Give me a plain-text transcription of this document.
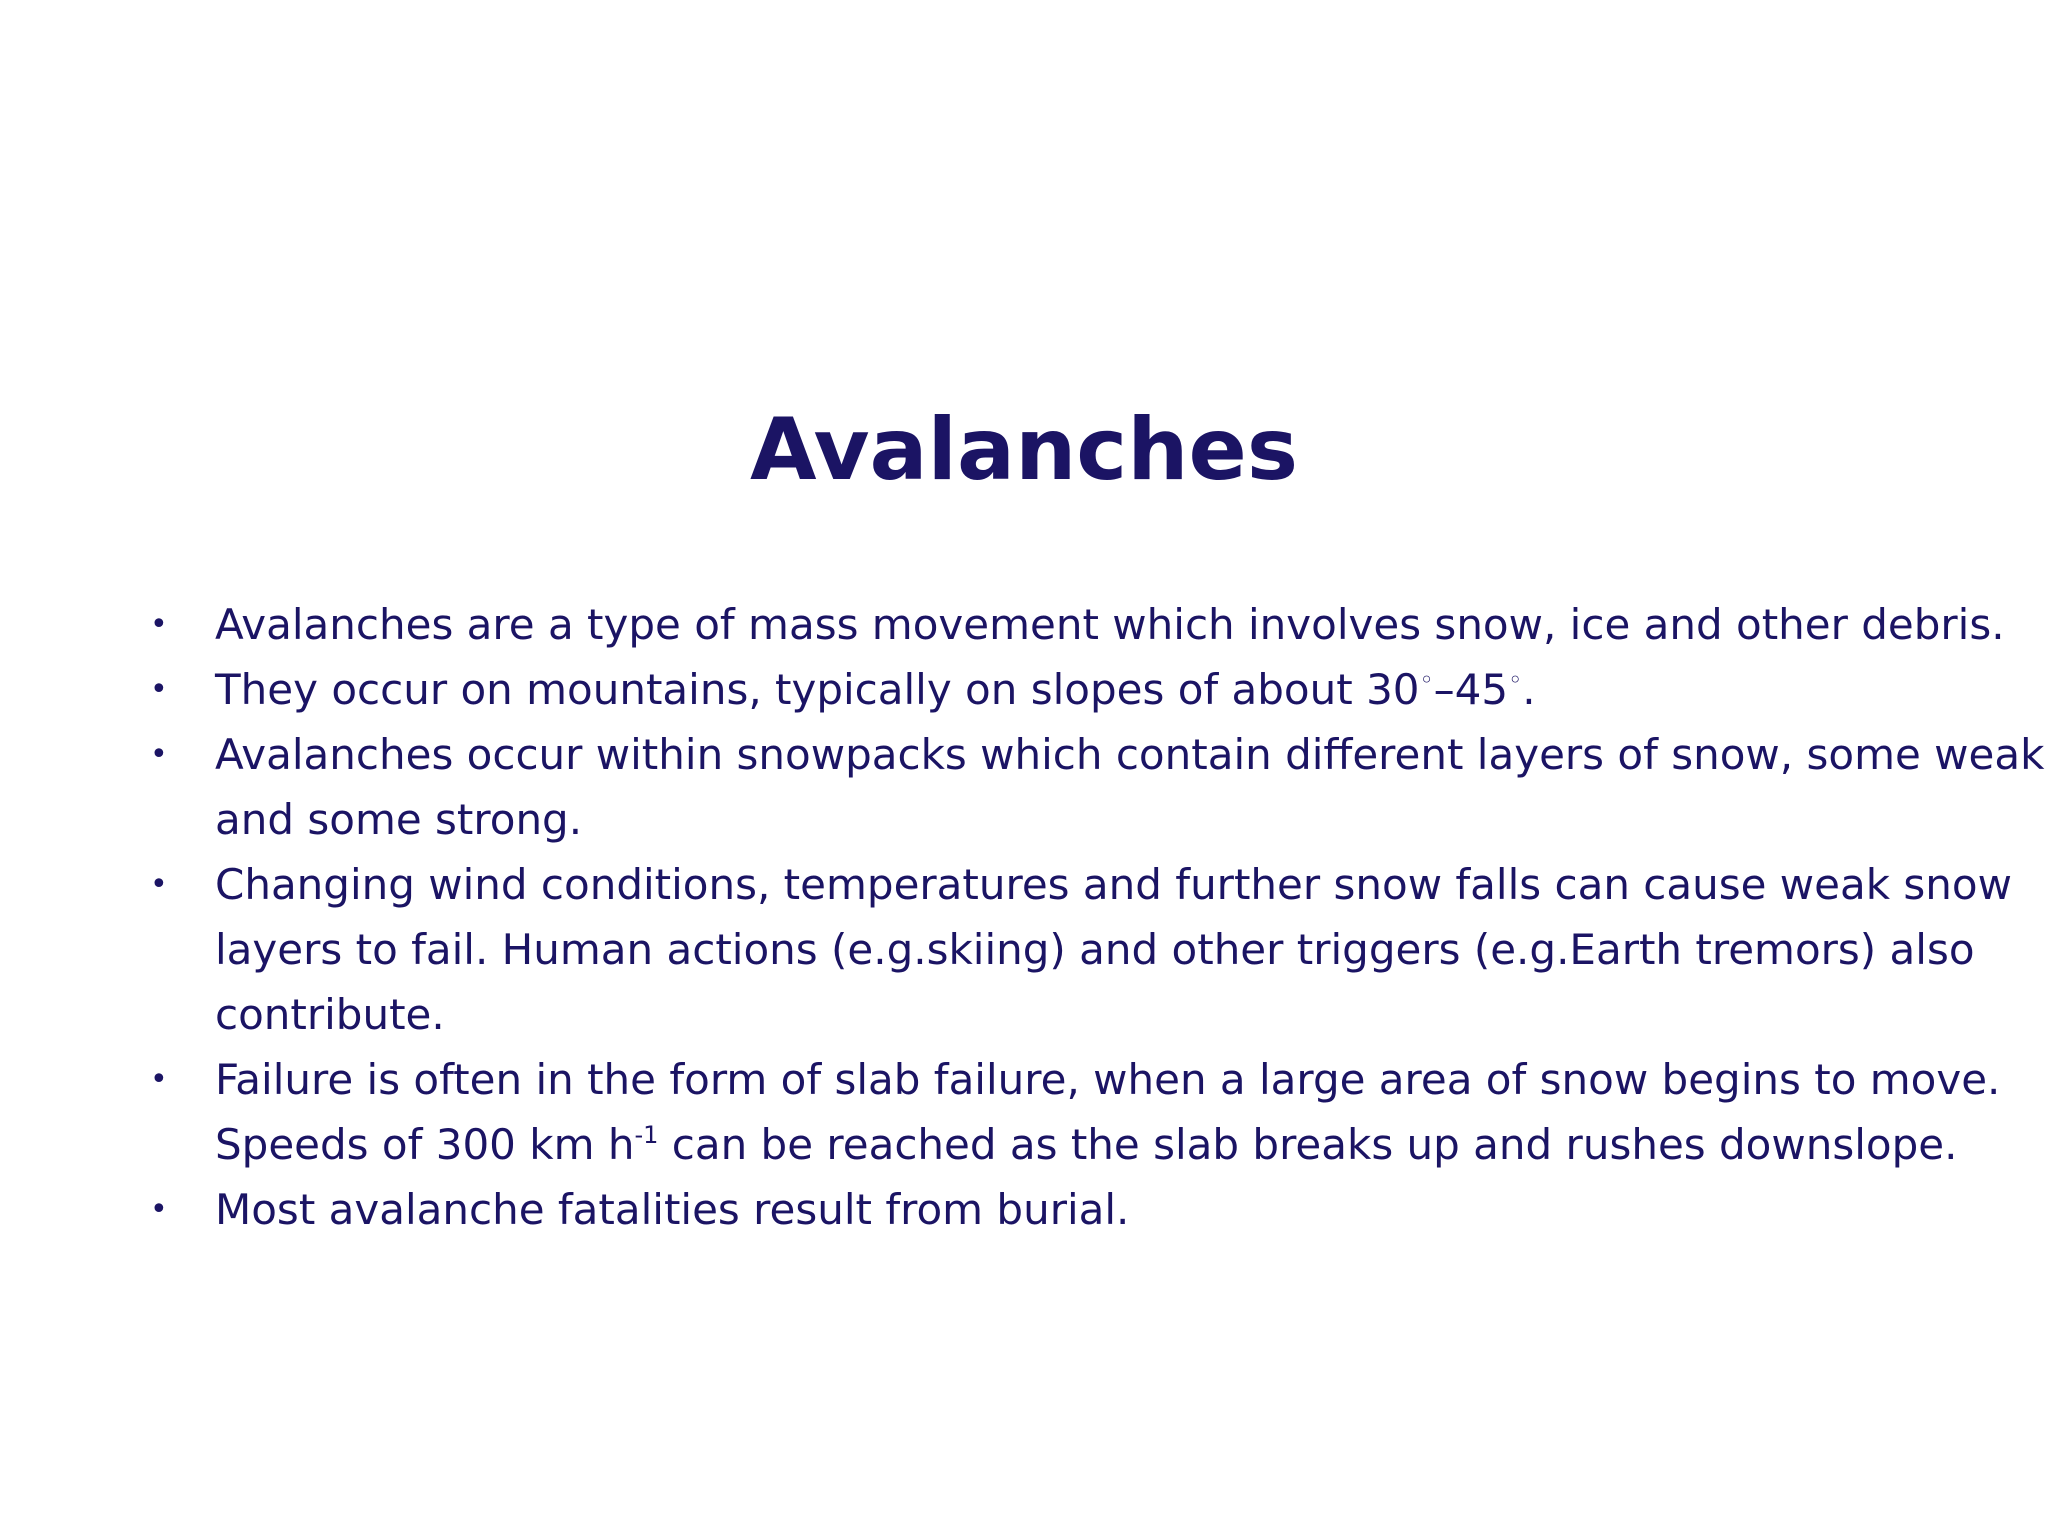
Avalanches
• Avalanches are a type of mass movement which involves snow, ice and other debris.
• They occur on mountains, typically on slopes of about 30◦–45◦.
• Avalanches occur within snowpacks which contain different layers of snow, some weak and some strong.
• Changing wind conditions, temperatures and further snow falls can cause weak snow layers to fail. Human actions (e.g.skiing) and other triggers (e.g.Earth tremors) also contribute.
• Failure is often in the form of slab failure, when a large area of snow begins to move. Speeds of 300 km $h^{-1}$ can be reached as the slab breaks up and rushes downslope.
• Most avalanche fatalities result from burial.
